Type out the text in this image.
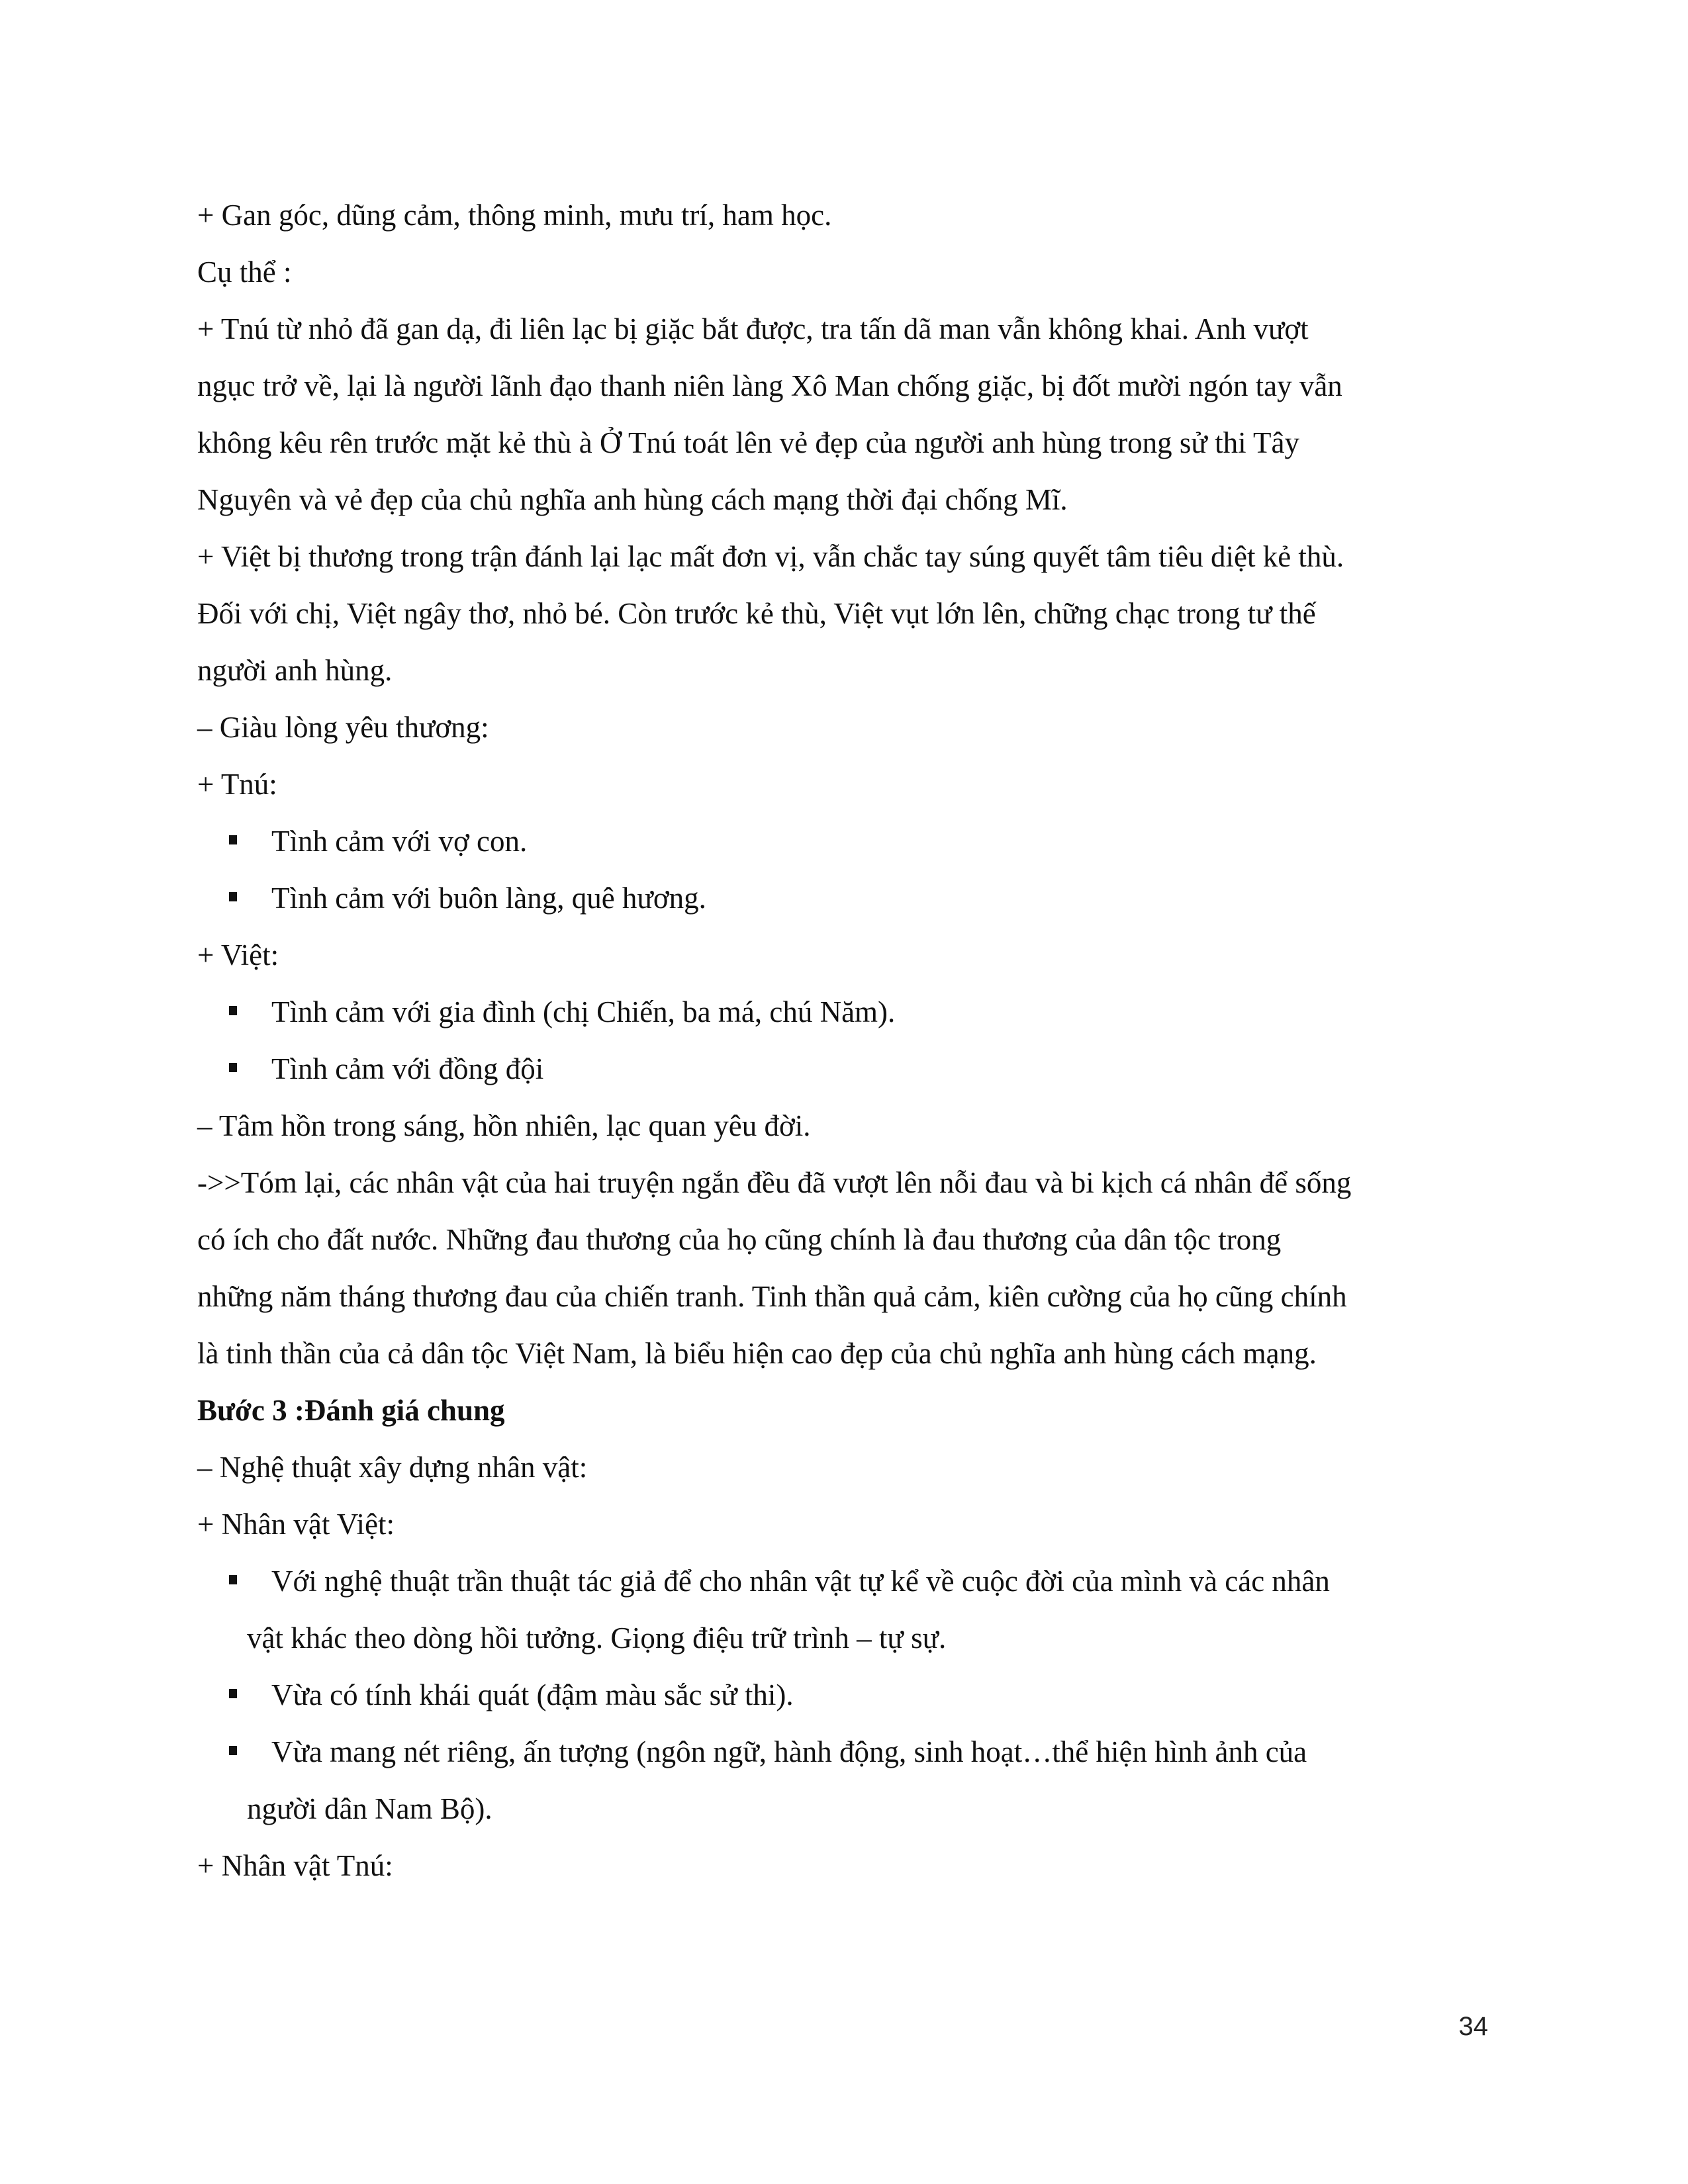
+ Gan góc, dũng cảm, thông minh, mưu trí, ham học.

Cụ thể :

+ Tnú từ nhỏ đã gan dạ, đi liên lạc bị giặc bắt được, tra tấn dã man vẫn không khai. Anh vượt

ngục trở về, lại là người lãnh đạo thanh niên làng Xô Man chống giặc, bị đốt mười ngón tay vẫn

không kêu rên trước mặt kẻ thù à Ở Tnú toát lên vẻ đẹp của người anh hùng trong sử thi Tây

Nguyên và vẻ đẹp của chủ nghĩa anh hùng cách mạng thời đại chống Mĩ.

+ Việt bị thương trong trận đánh lại lạc mất đơn vị, vẫn chắc tay súng quyết tâm tiêu diệt kẻ thù.

Đối với chị, Việt ngây thơ, nhỏ bé. Còn trước kẻ thù, Việt vụt lớn lên, chững chạc trong tư thế

người anh hùng.

– Giàu lòng yêu thương:

+ Tnú:

Tình cảm với vợ con.
Tình cảm với buôn làng, quê hương.

+ Việt:

Tình cảm với gia đình (chị Chiến, ba má, chú Năm).
Tình cảm với đồng đội

– Tâm hồn trong sáng, hồn nhiên, lạc quan yêu đời.

->>Tóm lại, các nhân vật của hai truyện ngắn đều đã vượt lên nỗi đau và bi kịch cá nhân để sống

có ích cho đất nước. Những đau thương của họ cũng chính là đau thương của dân tộc trong

những năm tháng thương đau của chiến tranh. Tinh thần quả cảm, kiên cường của họ cũng chính

là tinh thần của cả dân tộc Việt Nam, là biểu hiện cao đẹp của chủ nghĩa anh hùng cách mạng.

Bước 3 :Đánh giá chung

– Nghệ thuật xây dựng nhân vật:

+ Nhân vật Việt:

Với nghệ thuật trần thuật tác giả để cho nhân vật tự kể về cuộc đời của mình và các nhân
vật khác theo dòng hồi tưởng. Giọng điệu trữ trình – tự sự.
Vừa có tính khái quát (đậm màu sắc sử thi).
Vừa mang nét riêng, ấn tượng (ngôn ngữ, hành động, sinh hoạt…thể hiện hình ảnh của
người dân Nam Bộ).

+ Nhân vật Tnú:

34
